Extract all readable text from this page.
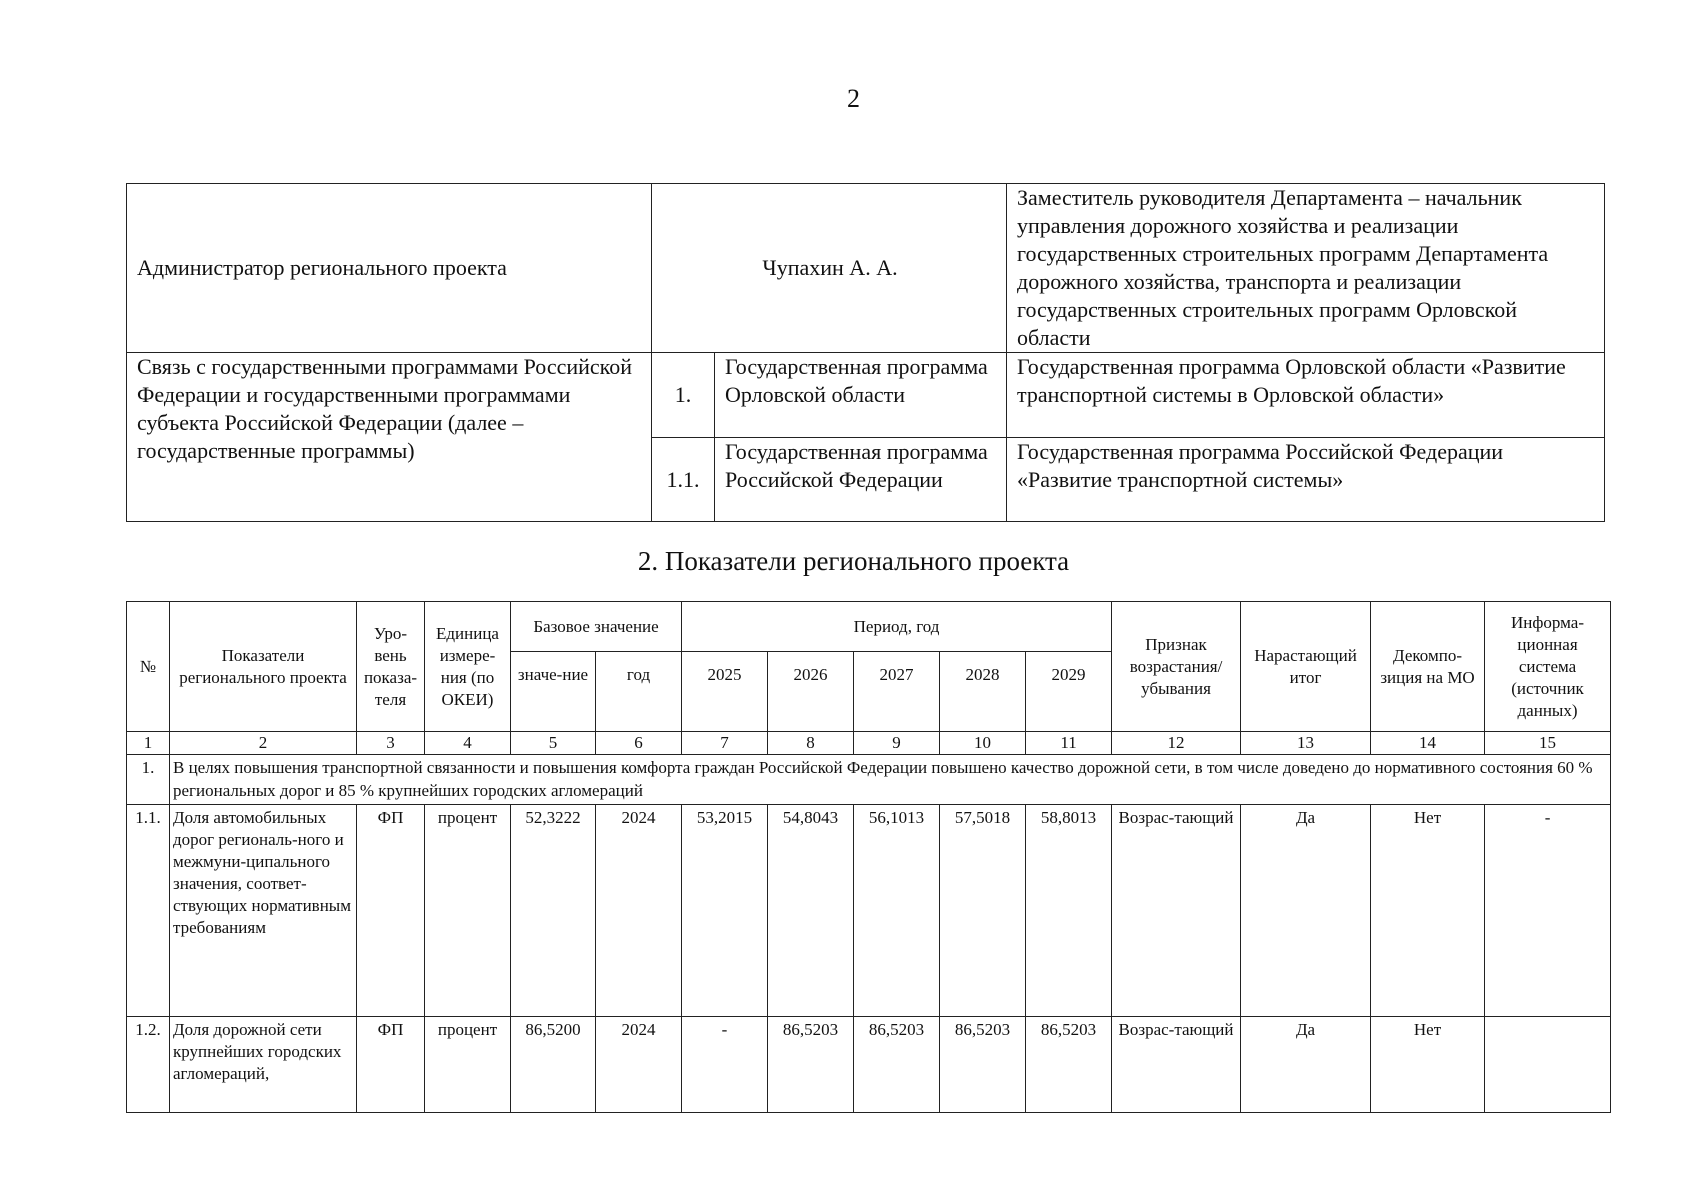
2
Администратор регионального проекта	Чупахин А. А.		Заместитель руководителя Департамента – начальник управления дорожного хозяйства и реализации государственных строительных программ Департамента дорожного хозяйства, транспорта и реализации государственных строительных программ Орловской области
Связь с государственными программами Российской Федерации и государственными программами субъекта Российской Федерации (далее – государственные программы)	1.	Государственная программа Орловской области	Государственная программа Орловской области «Развитие транспортной системы в Орловской области»
	1.1.	Государственная программа Российской Федерации	Государственная программа Российской Федерации «Развитие транспортной системы»
2. Показатели регионального проекта
№	Показатели регионального проекта	Уро-вень показа-теля	Единица измере-ния (по ОКЕИ)	Базовое значение		Период, год					Признак возрастания/ убывания	Нарастающий итог	Декомпо-зиция на МО	Информа-ционная система (источник данных)
				значе-ние	год	2025	2026	2027	2028	2029				
1	2	3	4	5	6	7	8	9	10	11	12	13	14	15
1.	В целях повышения транспортной связанности и повышения комфорта граждан Российской Федерации повышено качество дорожной сети, в том числе доведено до нормативного состояния 60 % региональных дорог и 85 % крупнейших городских агломераций													
1.1.	Доля автомобильных дорог региональ-ного и межмуни-ципального значения, соответ-ствующих нормативным требованиям	ФП	процент	52,3222	2024	53,2015	54,8043	56,1013	57,5018	58,8013	Возрас-тающий	Да	Нет	-
1.2.	Доля дорожной сети крупнейших городских агломераций,	ФП	процент	86,5200	2024	-	86,5203	86,5203	86,5203	86,5203	Возрас-тающий	Да	Нет	
